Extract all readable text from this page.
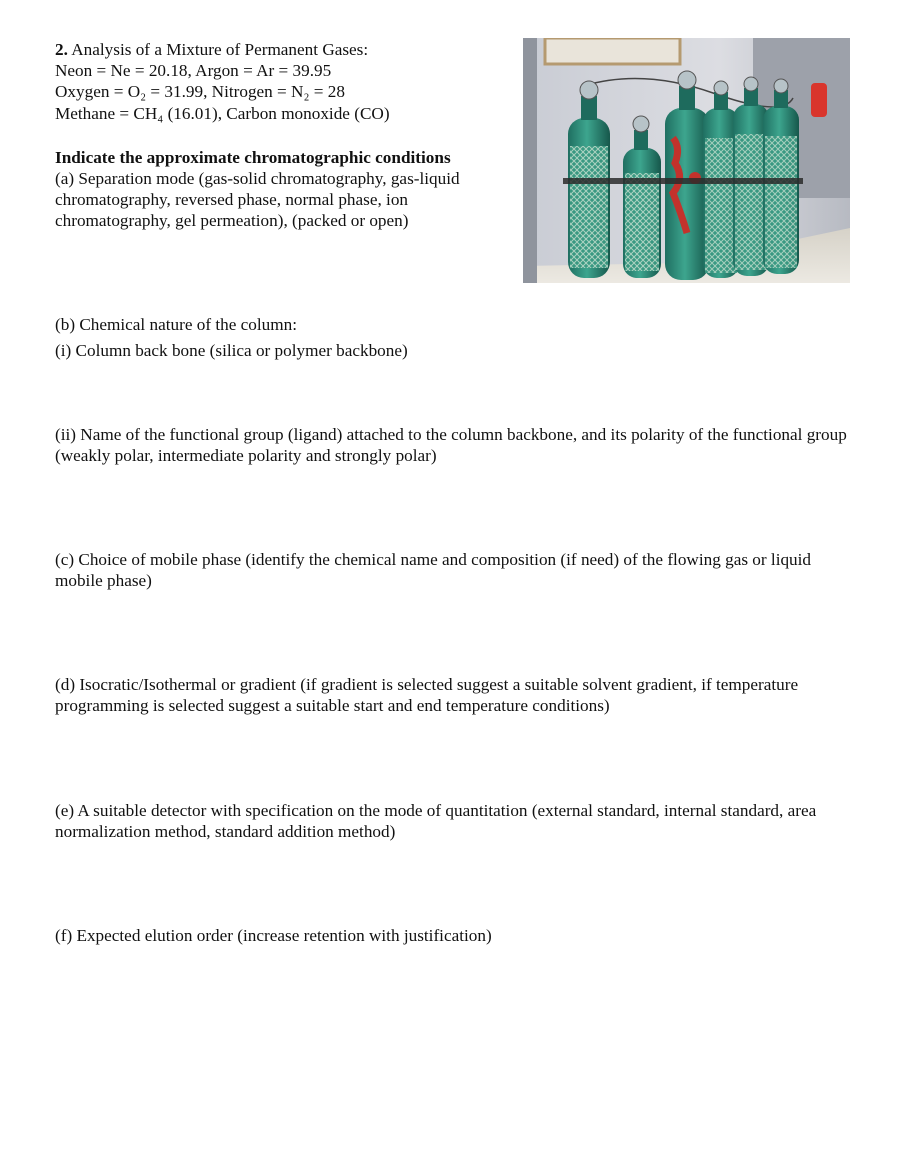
2. Analysis of a Mixture of Permanent Gases:
Neon = Ne = 20.18, Argon = Ar = 39.95
Oxygen = O₂ = 31.99, Nitrogen = N₂ = 28
Methane = CH₄ (16.01), Carbon monoxide (CO)
Indicate the approximate chromatographic conditions
(a) Separation mode (gas-solid chromatography, gas-liquid
chromatography, reversed phase, normal phase, ion
chromatography, gel permeation), (packed or open)
(b) Chemical nature of the column:
(i) Column back bone (silica or polymer backbone)
(ii) Name of the functional group (ligand) attached to the column backbone, and its polarity of the functional group (weakly polar, intermediate polarity and strongly polar)
(c) Choice of mobile phase (identify the chemical name and composition (if need) of the flowing gas or liquid mobile phase)
(d) Isocratic/Isothermal or gradient (if gradient is selected suggest a suitable solvent gradient, if temperature programming is selected suggest a suitable start and end temperature conditions)
(e) A suitable detector with specification on the mode of quantitation (external standard, internal standard, area normalization method, standard addition method)
(f) Expected elution order (increase retention with justification)
